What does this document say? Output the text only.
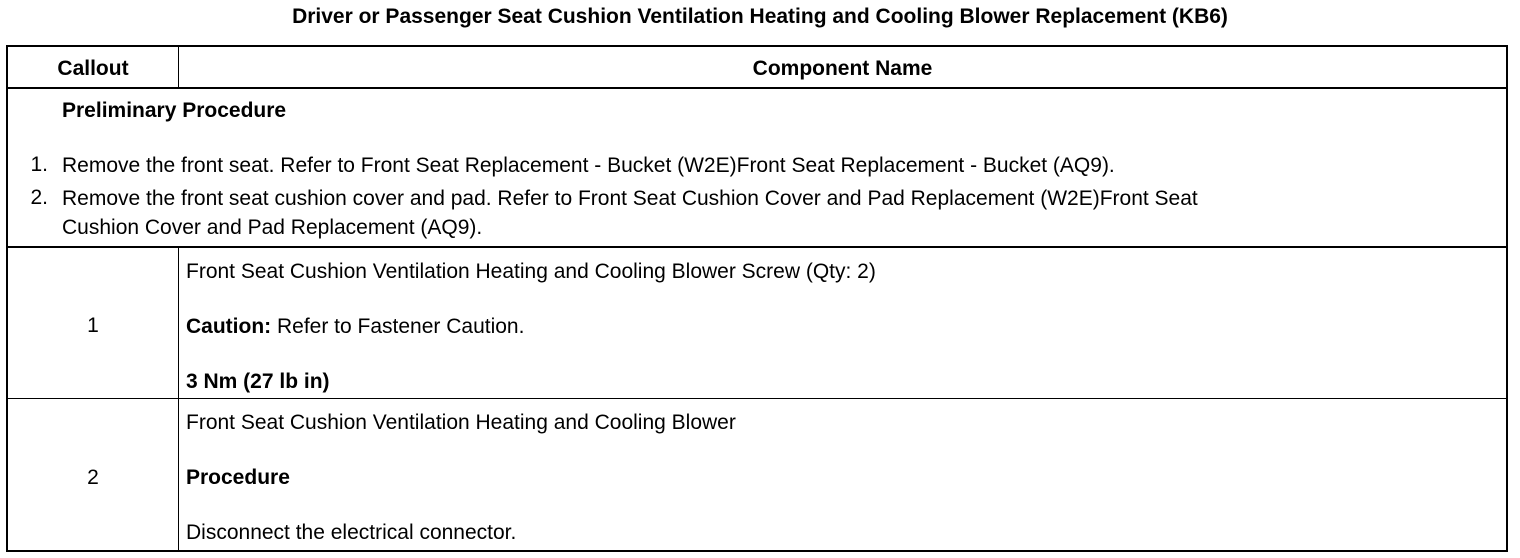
Driver or Passenger Seat Cushion Ventilation Heating and Cooling Blower Replacement (KB6)
Callout	Component Name
Preliminary Procedure
1. Remove the front seat. Refer to Front Seat Replacement - Bucket (W2E)Front Seat Replacement - Bucket (AQ9).
2. Remove the front seat cushion cover and pad. Refer to Front Seat Cushion Cover and Pad Replacement (W2E)Front Seat
Cushion Cover and Pad Replacement (AQ9).
1
Front Seat Cushion Ventilation Heating and Cooling Blower Screw (Qty: 2)
Caution: Refer to Fastener Caution.
3 Nm (27 lb in)
2
Front Seat Cushion Ventilation Heating and Cooling Blower
Procedure
Disconnect the electrical connector.
